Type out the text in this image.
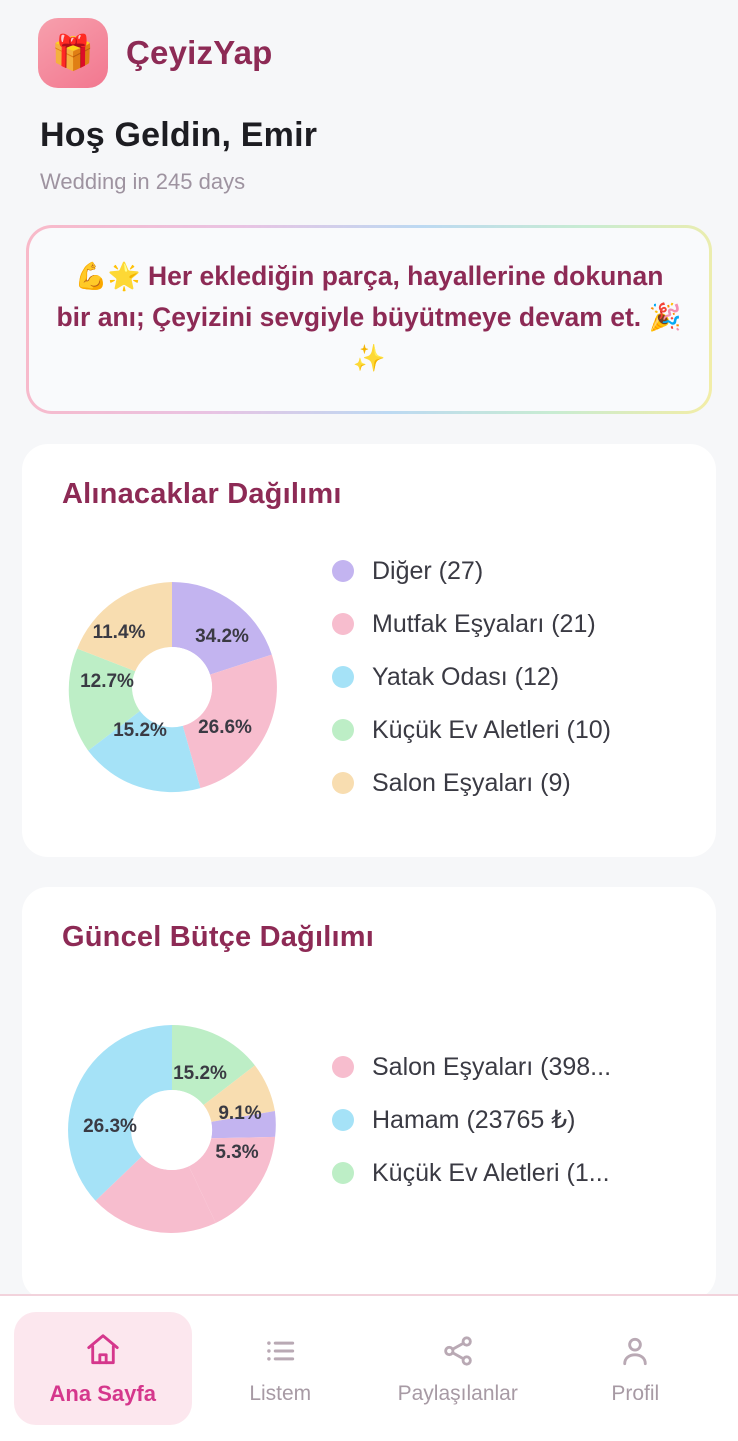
🎁 ÇeyizYap
Hoş Geldin, Emir
Wedding in 245 days
💪🌟 Her eklediğin parça, hayallerine dokunan bir anı; Çeyizini sevgiyle büyütmeye devam et. 🎉✨
Alınacaklar Dağılımı
34.2%
26.6%
15.2%
12.7%
11.4%
Diğer (27)
Mutfak Eşyaları (21)
Yatak Odası (12)
Küçük Ev Aletleri (10)
Salon Eşyaları (9)
Güncel Bütçe Dağılımı
15.2%
9.1%
5.3%
26.3%
Salon Eşyaları (398...
Hamam (23765 ₺)
Küçük Ev Aletleri (1...
Ana Sayfa	Listem	Paylaşılanlar	Profil
